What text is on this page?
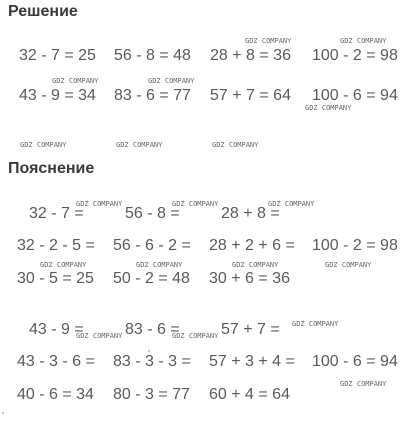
Решение
Пояснение
32 - 7 = 25 56 - 8 = 48 28 + 8 = 36 100 - 2 = 98
43 - 9 = 34 83 - 6 = 77 57 + 7 = 64 100 - 6 = 94
32 - 7 =	56 - 8 =	28 + 8 =
32 - 2 - 5 = 56 - 6 - 2 = 28 + 2 + 6 = 100 - 2 = 98
30 - 5 = 25 50 - 2 = 48 30 + 6 = 36
43 - 9 =	83 - 6 =	57 + 7 =
43 - 3 - 6 = 83 - 3 - 3 = 57 + 3 + 4 = 100 - 6 = 94
40 - 6 = 34 80 - 3 = 77 60 + 4 = 64
GDZ COMPANY	GDZ COMPANY
GDZ COMPANY	GDZ COMPANY
GDZ COMPANY
GDZ COMPANY	GDZ COMPANY	GDZ COMPANY
GDZ COMPANY	GDZ COMPANY	GDZ COMPANY
GDZ COMPANY	GDZ COMPANY	GDZ COMPANY	GDZ COMPANY
GDZ COMPANY	GDZ COMPANY
GDZ COMPANY
GDZ COMPANY
